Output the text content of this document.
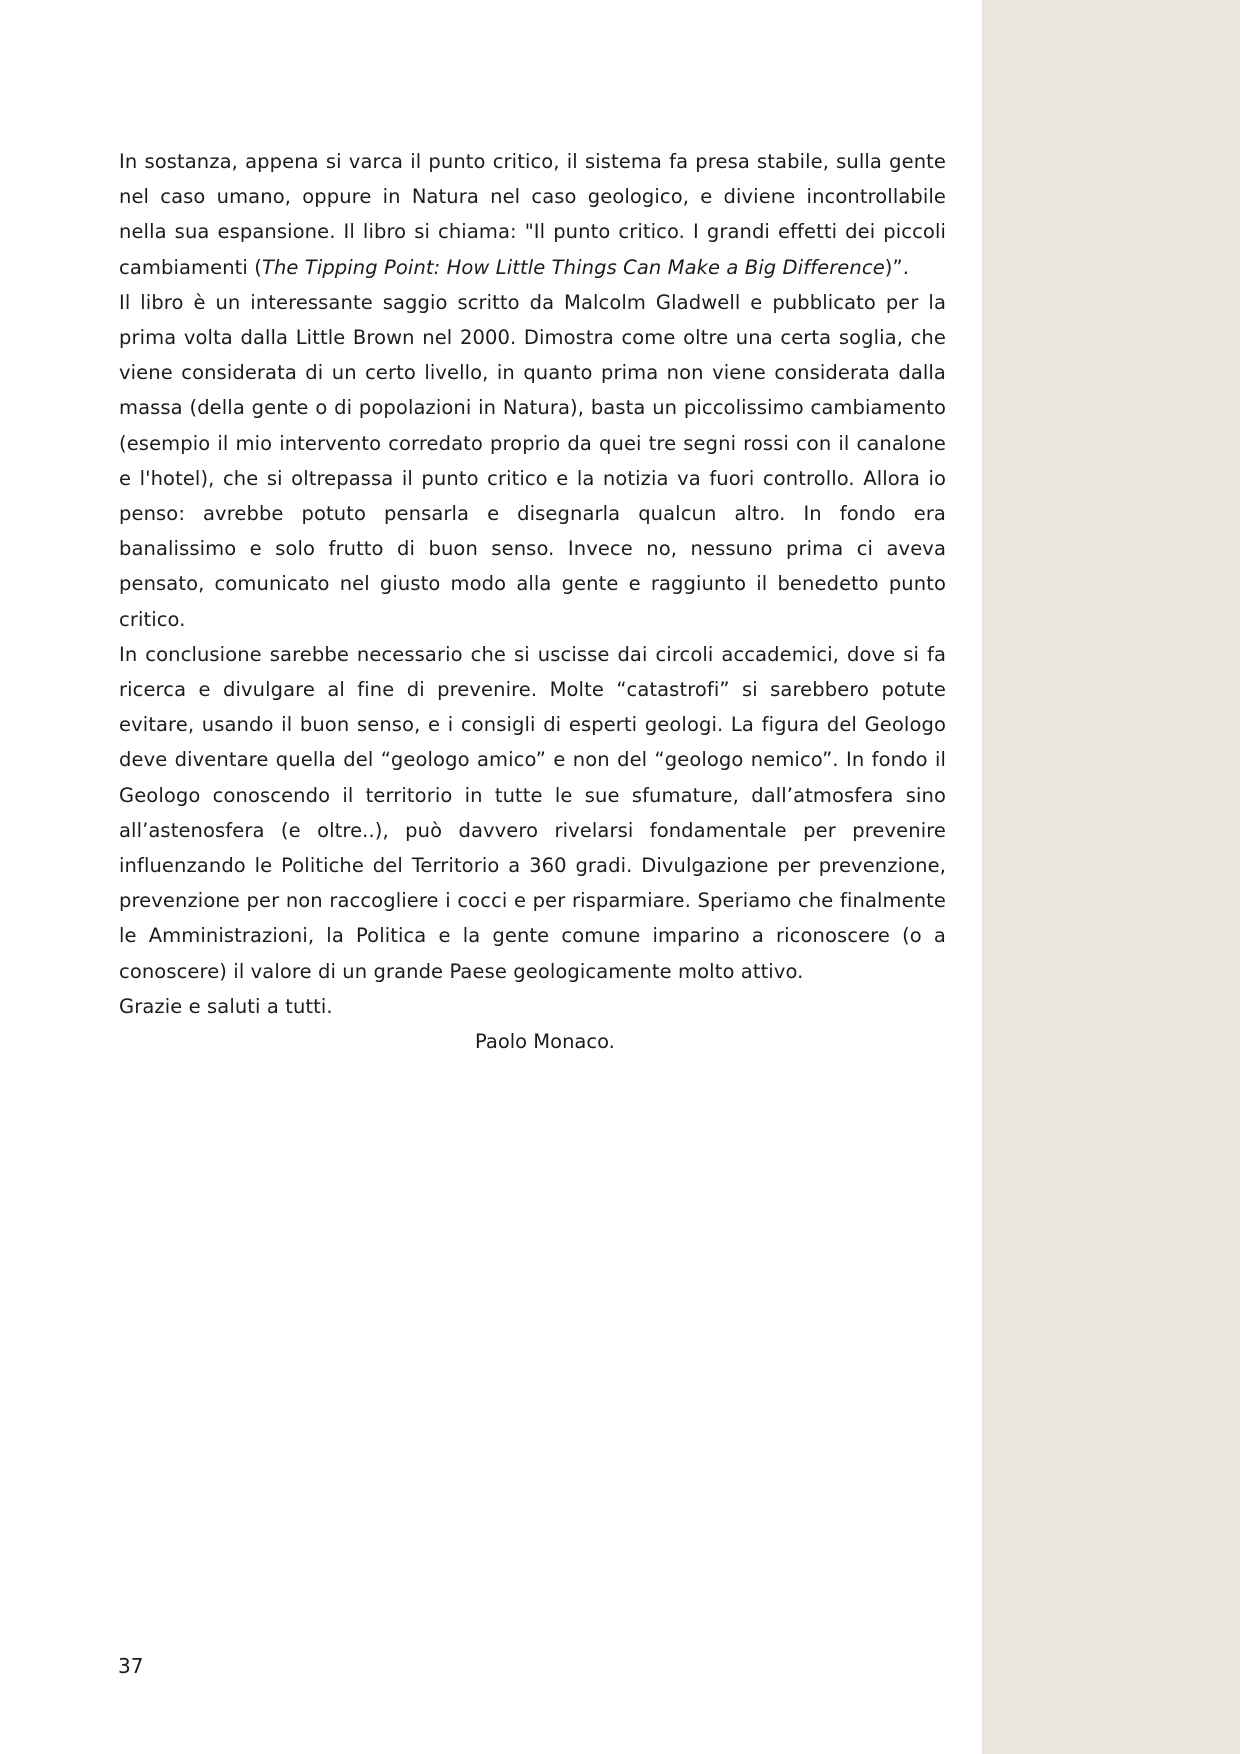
In sostanza, appena si varca il punto critico, il sistema fa presa stabile, sulla gente nel caso umano, oppure in Natura nel caso geologico, e diviene incontrollabile nella sua espansione. Il libro si chiama: "Il punto critico. I grandi effetti dei piccoli cambiamenti (The Tipping Point: How Little Things Can Make a Big Difference)”.

Il libro è un interessante saggio scritto da Malcolm Gladwell e pubblicato per la prima volta dalla Little Brown nel 2000. Dimostra come oltre una certa soglia, che viene considerata di un certo livello, in quanto prima non viene considerata dalla massa (della gente o di popolazioni in Natura), basta un piccolissimo cambiamento (esempio il mio intervento corredato proprio da quei tre segni rossi con il canalone e l'hotel), che si oltrepassa il punto critico e la notizia va fuori controllo. Allora io penso: avrebbe potuto pensarla e disegnarla qualcun altro. In fondo era banalissimo e solo frutto di buon senso. Invece no, nessuno prima ci aveva pensato, comunicato nel giusto modo alla gente e raggiunto il benedetto punto critico.

In conclusione sarebbe necessario che si uscisse dai circoli accademici, dove si fa ricerca e divulgare al fine di prevenire. Molte “catastrofi” si sarebbero potute evitare, usando il buon senso, e i consigli di esperti geologi. La figura del Geologo deve diventare quella del “geologo amico” e non del “geologo nemico”. In fondo il Geologo conoscendo il territorio in tutte le sue sfumature, dall’atmosfera sino all’astenosfera (e oltre..), può davvero rivelarsi fondamentale per prevenire influenzando le Politiche del Territorio a 360 gradi. Divulgazione per prevenzione, prevenzione per non raccogliere i cocci e per risparmiare. Speriamo che finalmente le Amministrazioni, la Politica e la gente comune imparino a riconoscere (o a conoscere) il valore di un grande Paese geologicamente molto attivo.

Grazie e saluti a tutti.

Paolo Monaco.

37
